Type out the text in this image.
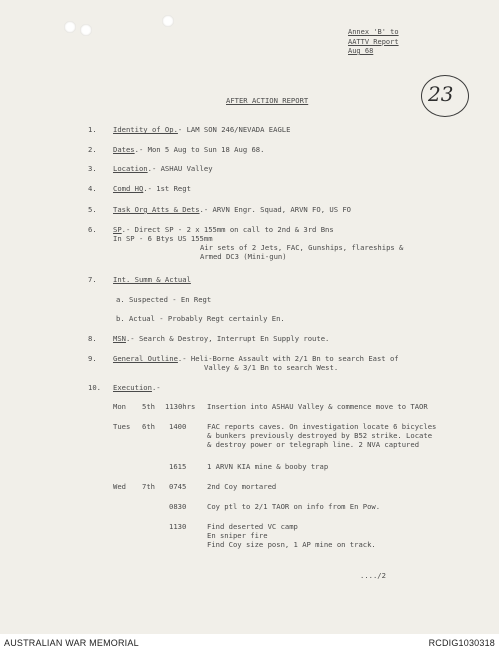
Annex 'B' to
AATTV Report
Aug 68
23
AFTER ACTION REPORT
1. Identity of Op.- LAM SON 246/NEVADA EAGLE
2. Dates.- Mon 5 Aug to Sun 18 Aug 68.
3. Location.- ASHAU Valley
4. Comd HQ.- 1st Regt
5. Task Org Atts & Dets.- ARVN Engr. Squad, ARVN FO, US FO
6. SP.- Direct SP - 2 x 155mm on call to 2nd & 3rd Bns
In SP - 6 Btys US 155mm
Air sets of 2 Jets, FAC, Gunships, flareships &
Armed DC3 (Mini-gun)
7. Int. Summ & Actual
a. Suspected - En Regt
b. Actual - Probably Regt certainly En.
8. MSN.- Search & Destroy, Interrupt En Supply route.
9. General Outline.- Heli-Borne Assault with 2/1 Bn to search East of
Valley & 3/1 Bn to search West.
10. Execution.-
Mon 5th 1130hrs Insertion into ASHAU Valley & commence move to TAOR
Tues 6th 1400	FAC reports caves. On investigation locate 6 bicycles
& bunkers previously destroyed by B52 strike. Locate
& destroy power or telegraph line. 2 NVA captured
1615	1 ARVN KIA mine & booby trap
Wed 7th 0745	2nd Coy mortared
0830	Coy ptl to 2/1 TAOR on info from En Pow.
1130	Find deserted VC camp
En sniper fire
Find Coy size posn, 1 AP mine on track.
..../2
AUSTRALIAN WAR MEMORIAL	RCDIG1030318
